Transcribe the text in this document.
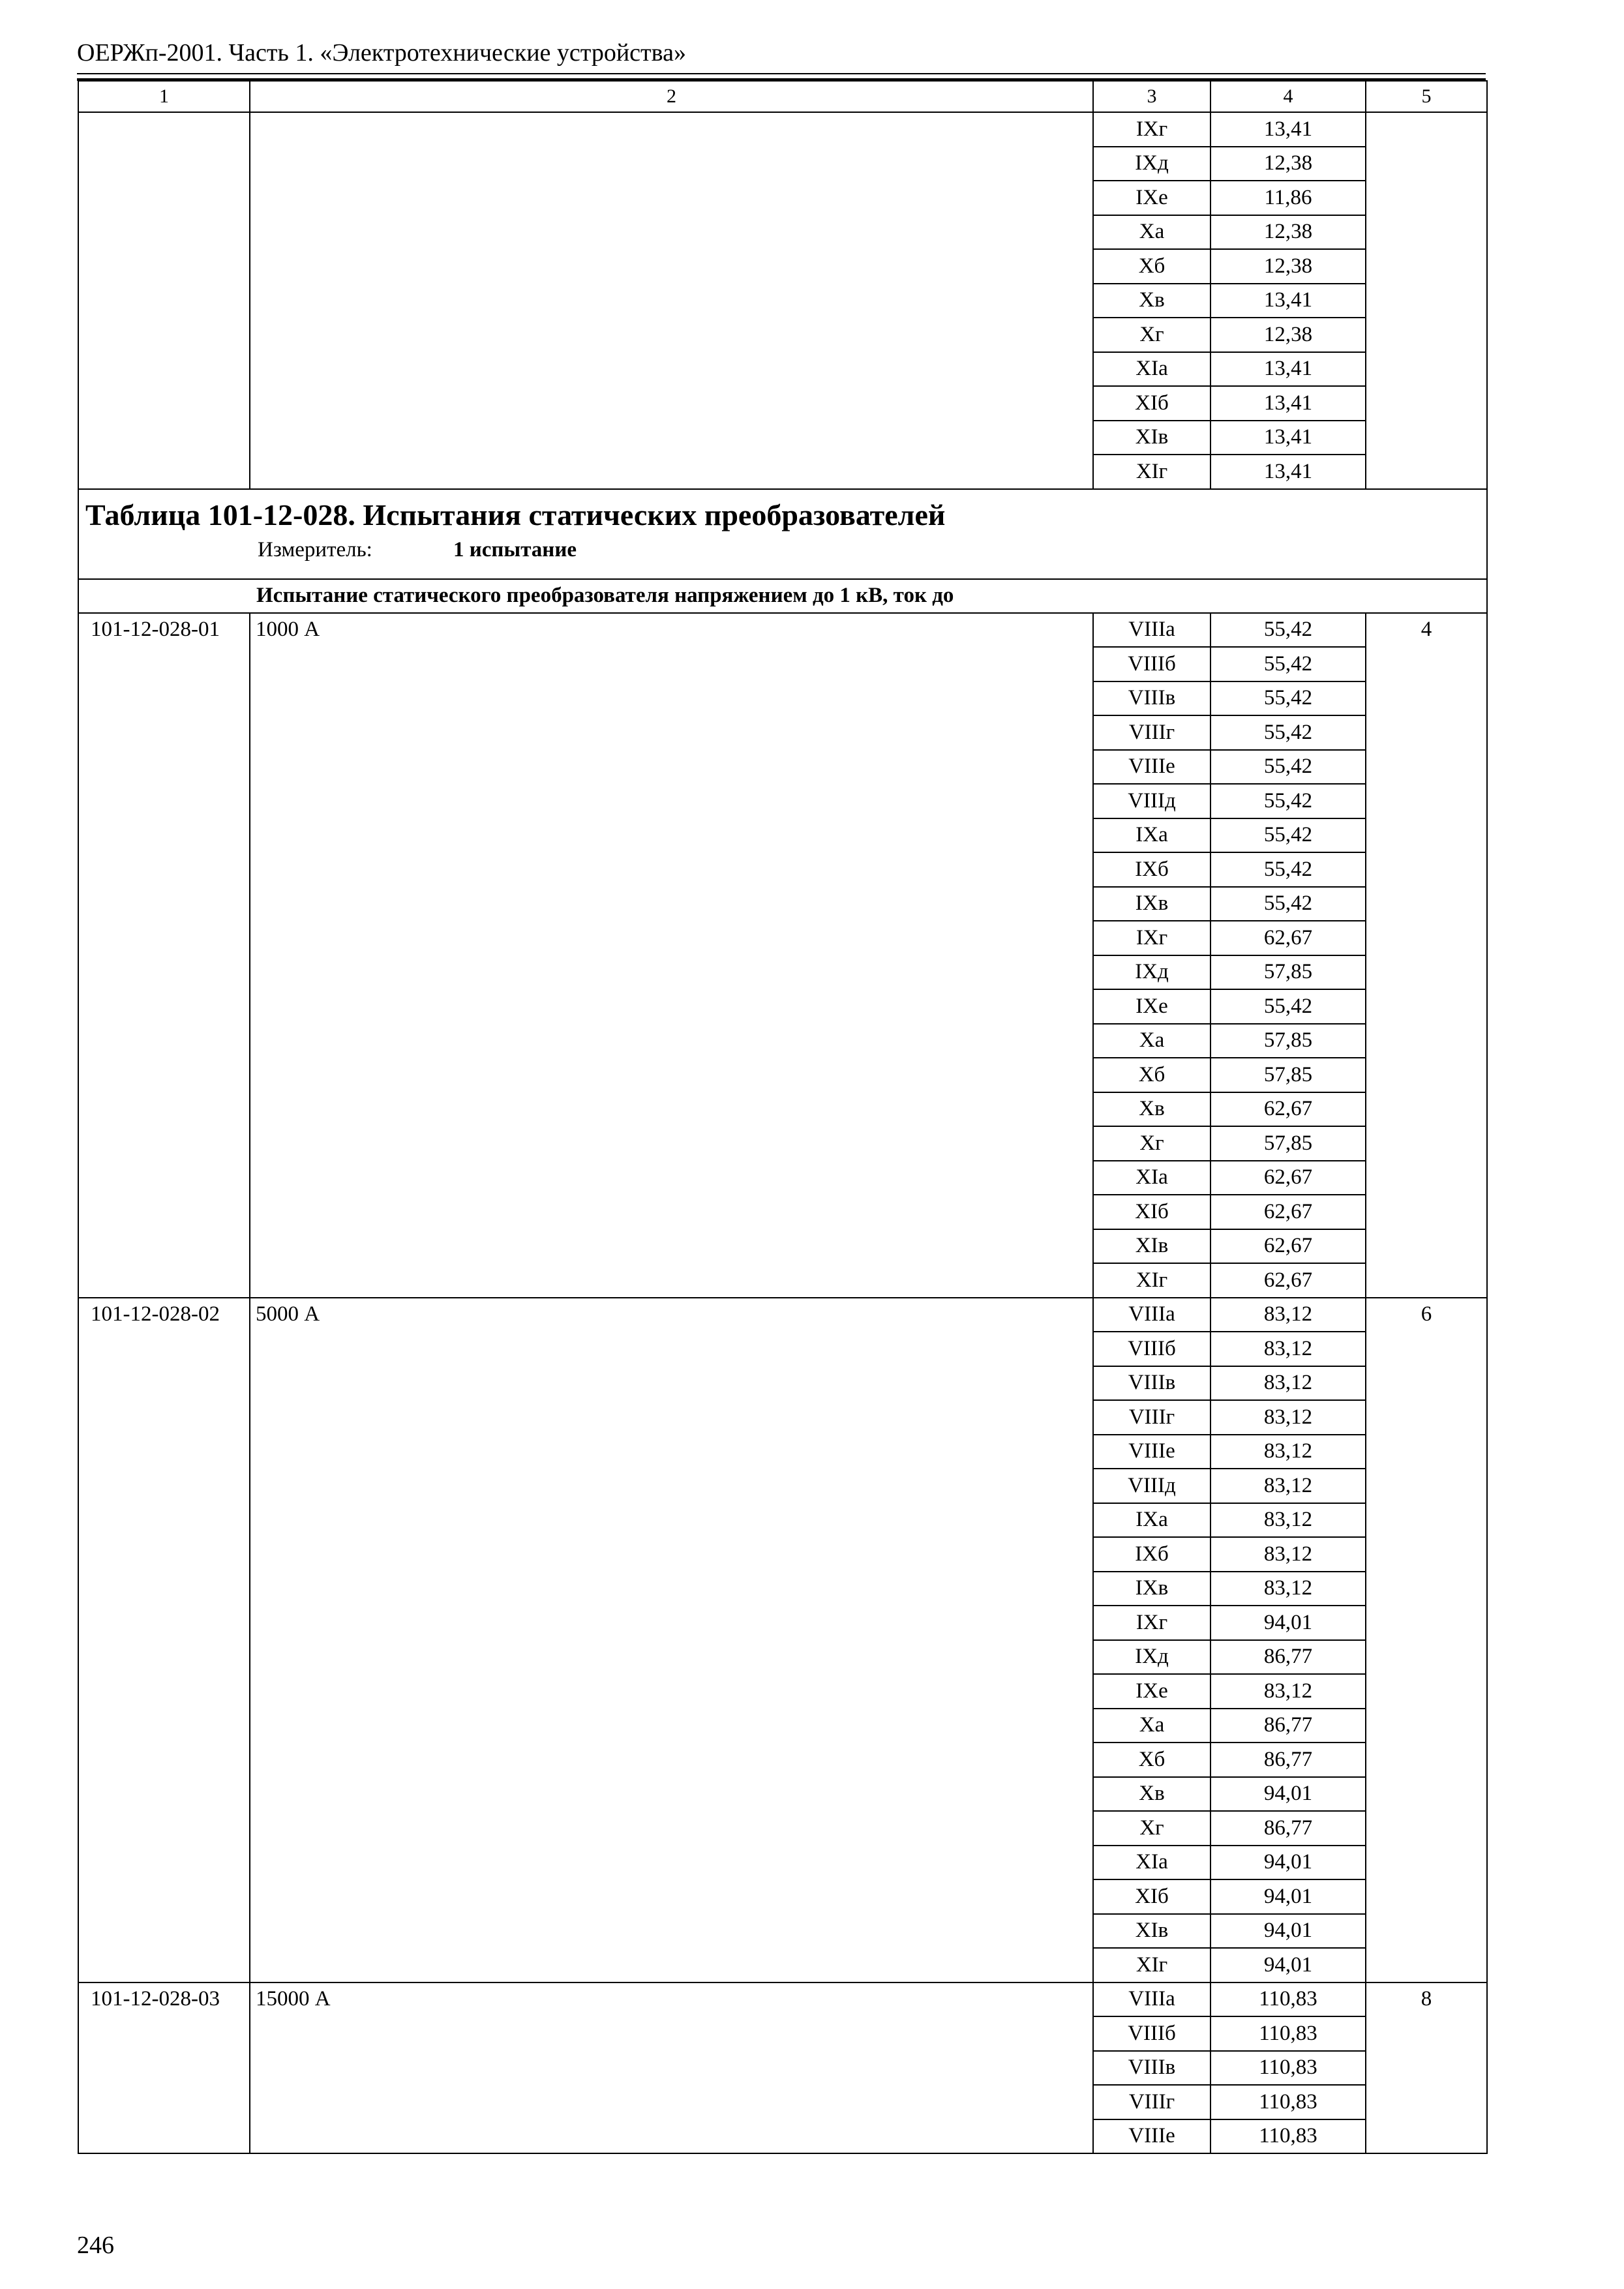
ОЕРЖп-2001. Часть 1. «Электротехнические устройства»
1	2	3	4	5
		IXг	13,41	
		IXд	12,38	
		IXе	11,86	
		Xа	12,38	
		Xб	12,38	
		Xв	13,41	
		Xг	12,38	
		XIа	13,41	
		XIб	13,41	
		XIв	13,41	
		XIг	13,41	

Таблица 101-12-028. Испытания статических преобразователей
Измеритель: 1 испытание				

Испытание статического преобразователя напряжением до 1 кВ, ток до				
101-12-028-01	1000 А	VIIIа	55,42	4
		VIIIб	55,42	
		VIIIв	55,42	
		VIIIг	55,42	
		VIIIе	55,42	
		VIIIд	55,42	
		IXа	55,42	
		IXб	55,42	
		IXв	55,42	
		IXг	62,67	
		IXд	57,85	
		IXе	55,42	
		Xа	57,85	
		Xб	57,85	
		Xв	62,67	
		Xг	57,85	
		XIа	62,67	
		XIб	62,67	
		XIв	62,67	
		XIг	62,67	
101-12-028-02	5000 А	VIIIа	83,12	6
		VIIIб	83,12	
		VIIIв	83,12	
		VIIIг	83,12	
		VIIIе	83,12	
		VIIIд	83,12	
		IXа	83,12	
		IXб	83,12	
		IXв	83,12	
		IXг	94,01	
		IXд	86,77	
		IXе	83,12	
		Xа	86,77	
		Xб	86,77	
		Xв	94,01	
		Xг	86,77	
		XIа	94,01	
		XIб	94,01	
		XIв	94,01	
		XIг	94,01	
101-12-028-03	15000 А	VIIIа	110,83	8
		VIIIб	110,83	
		VIIIв	110,83	
		VIIIг	110,83	
		VIIIе	110,83	
246
